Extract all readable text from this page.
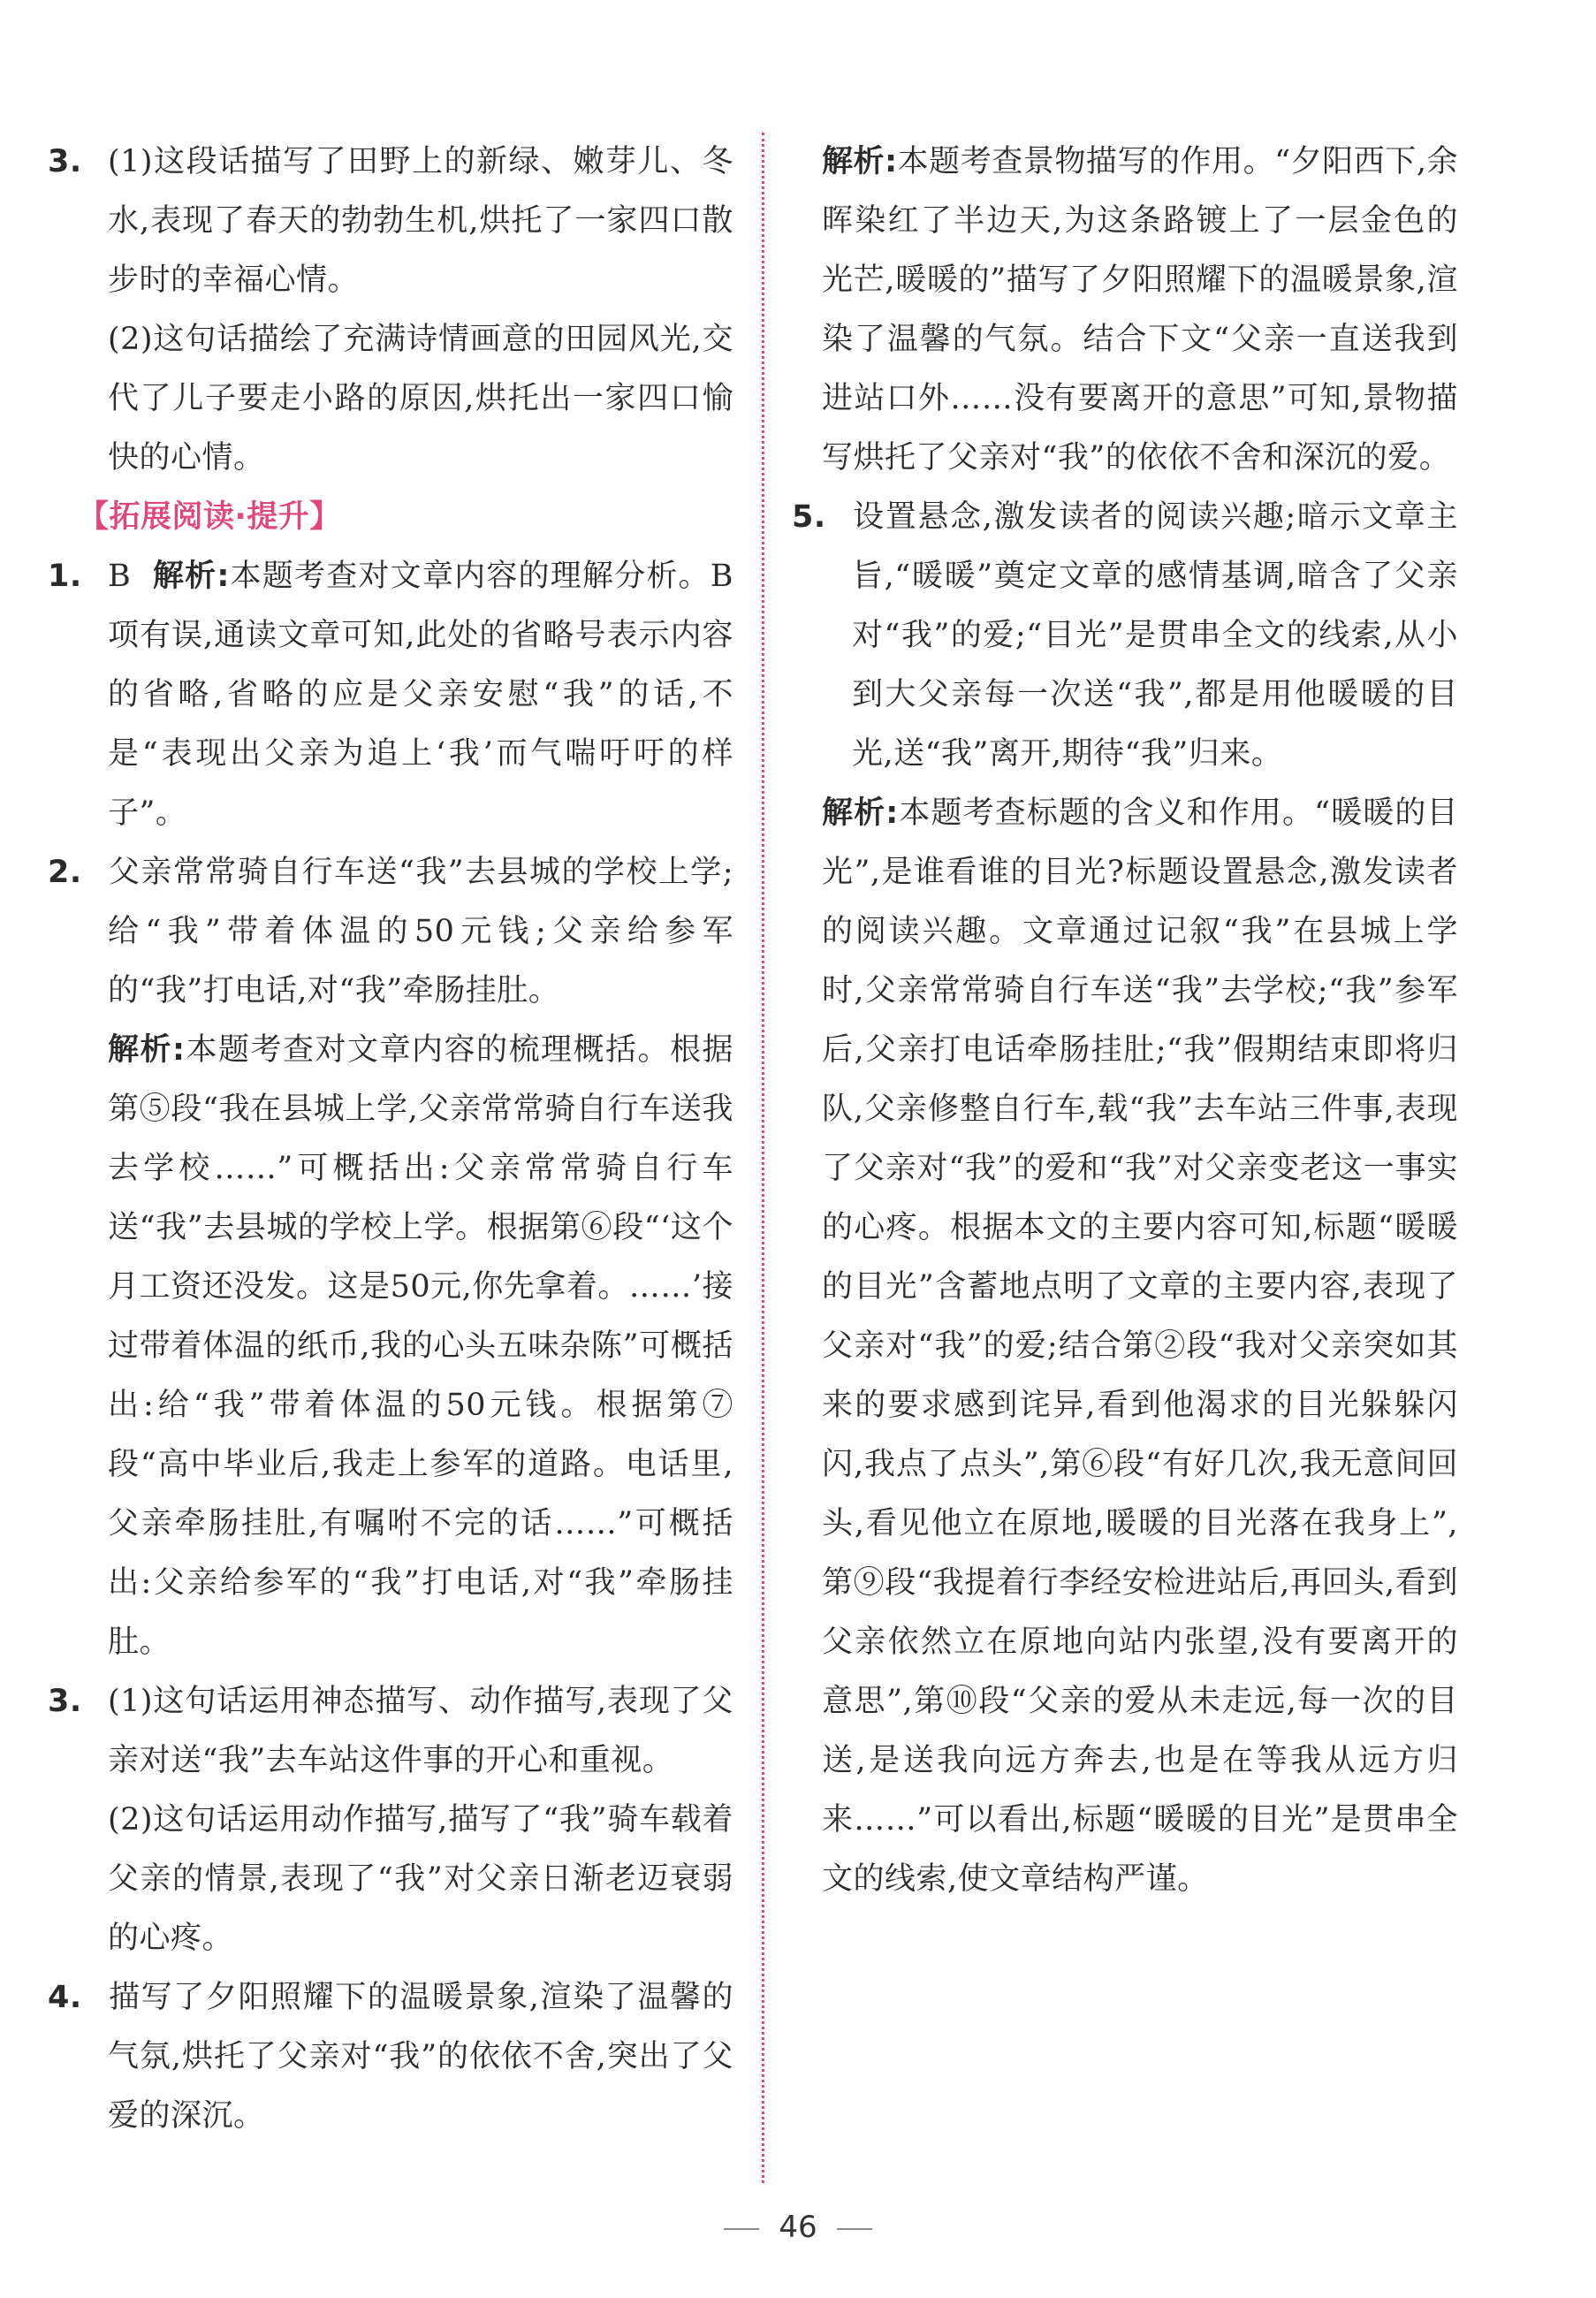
3. (1)这段话描写了田野上的新绿、嫩芽儿、冬水,表现了春天的勃勃生机,烘托了一家四口散步时的幸福心情。

(2)这句话描绘了充满诗情画意的田园风光,交代了儿子要走小路的原因,烘托出一家四口愉快的心情。

【拓展阅读·提升】

1. B 解析:本题考查对文章内容的理解分析。B项有误,通读文章可知,此处的省略号表示内容的省略,省略的应是父亲安慰“我”的话,不是“表现出父亲为追上‘我’而气喘吁吁的样子”。

2. 父亲常常骑自行车送“我”去县城的学校上学;给“我”带着体温的50元钱;父亲给参军的“我”打电话,对“我”牵肠挂肚。

解析:本题考查对文章内容的梳理概括。根据第⑤段“我在县城上学,父亲常常骑自行车送我去学校……”可概括出:父亲常常骑自行车送“我”去县城的学校上学。根据第⑥段“‘这个月工资还没发。这是50元,你先拿着。……’接过带着体温的纸币,我的心头五味杂陈”可概括出:给“我”带着体温的50元钱。根据第⑦段“高中毕业后,我走上参军的道路。电话里,父亲牵肠挂肚,有嘱咐不完的话……”可概括出:父亲给参军的“我”打电话,对“我”牵肠挂肚。

3. (1)这句话运用神态描写、动作描写,表现了父亲对送“我”去车站这件事的开心和重视。

(2)这句话运用动作描写,描写了“我”骑车载着父亲的情景,表现了“我”对父亲日渐老迈衰弱的心疼。

4. 描写了夕阳照耀下的温暖景象,渲染了温馨的气氛,烘托了父亲对“我”的依依不舍,突出了父爱的深沉。

解析:本题考查景物描写的作用。“夕阳西下,余晖染红了半边天,为这条路镀上了一层金色的光芒,暖暖的”描写了夕阳照耀下的温暖景象,渲染了温馨的气氛。结合下文“父亲一直送我到进站口外……没有要离开的意思”可知,景物描写烘托了父亲对“我”的依依不舍和深沉的爱。

5. 设置悬念,激发读者的阅读兴趣;暗示文章主旨,“暖暖”奠定文章的感情基调,暗含了父亲对“我”的爱;“目光”是贯串全文的线索,从小到大父亲每一次送“我”,都是用他暖暖的目光,送“我”离开,期待“我”归来。

解析:本题考查标题的含义和作用。“暖暖的目光”,是谁看谁的目光?标题设置悬念,激发读者的阅读兴趣。文章通过记叙“我”在县城上学时,父亲常常骑自行车送“我”去学校;“我”参军后,父亲打电话牵肠挂肚;“我”假期结束即将归队,父亲修整自行车,载“我”去车站三件事,表现了父亲对“我”的爱和“我”对父亲变老这一事实的心疼。根据本文的主要内容可知,标题“暖暖的目光”含蓄地点明了文章的主要内容,表现了父亲对“我”的爱;结合第②段“我对父亲突如其来的要求感到诧异,看到他渴求的目光躲躲闪闪,我点了点头”,第⑥段“有好几次,我无意间回头,看见他立在原地,暖暖的目光落在我身上”,第⑨段“我提着行李经安检进站后,再回头,看到父亲依然立在原地向站内张望,没有要离开的意思”,第⑩段“父亲的爱从未走远,每一次的目送,是送我向远方奔去,也是在等我从远方归来……”可以看出,标题“暖暖的目光”是贯串全文的线索,使文章结构严谨。

46
